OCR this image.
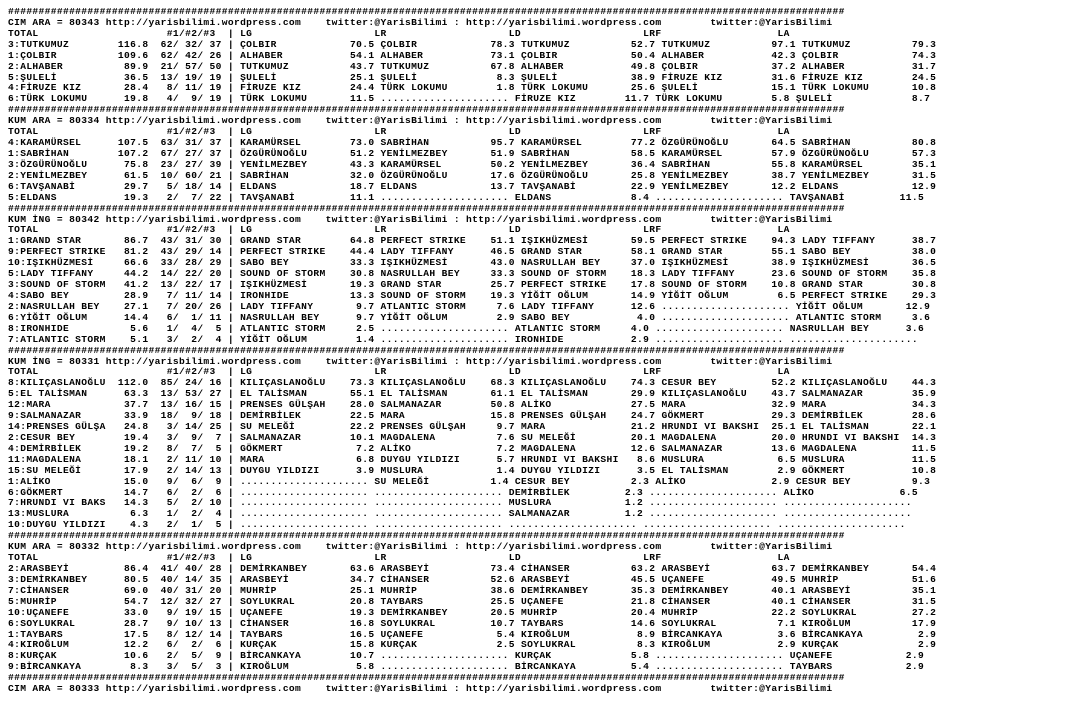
#########################################################################################################################################
CIM ARA = 80343 http://yarisbilimi.wordpress.com    twitter:@YarisBilimi : http://yarisbilimi.wordpress.com        twitter:@YarisBilimi
TOTAL                     #1/#2/#3  | LG                    LR                    LD                    LRF                   LA
3:TUTKUMUZ        116.8  62/ 32/ 37 | ÇOLBIR            70.5 ÇOLBIR            78.3 TUTKUMUZ          52.7 TUTKUMUZ          97.1 TUTKUMUZ          79.3
1:ÇOLBIR          109.6  62/ 42/ 26 | ALHABER           54.1 ALHABER           73.1 ÇOLBIR            50.4 ALHABER           42.3 ÇOLBIR            74.3
2:ALHABER          89.9  21/ 57/ 50 | TUTKUMUZ          43.7 TUTKUMUZ          67.8 ALHABER           49.8 ÇOLBIR            37.2 ALHABER           31.7
5:ŞULELİ           36.5  13/ 19/ 19 | ŞULELİ            25.1 ŞULELİ             8.3 ŞULELİ            38.9 FİRUZE KIZ        31.6 FİRUZE KIZ        24.5
4:FİRUZE KIZ       28.4   8/ 11/ 19 | FİRUZE KIZ        24.4 TÜRK LOKUMU        1.8 TÜRK LOKUMU       25.6 ŞULELİ            15.1 TÜRK LOKUMU       10.8
6:TÜRK LOKUMU      19.8   4/  9/ 19 | TÜRK LOKUMU       11.5 ..................... FİRUZE KIZ        11.7 TÜRK LOKUMU        5.8 ŞULELİ             8.7
#########################################################################################################################################
KUM ARA = 80334 http://yarisbilimi.wordpress.com    twitter:@YarisBilimi : http://yarisbilimi.wordpress.com        twitter:@YarisBilimi
TOTAL                     #1/#2/#3  | LG                    LR                    LD                    LRF                   LA
4:KARAMÜRSEL      107.5  63/ 31/ 37 | KARAMÜRSEL        73.0 SABRİHAN          95.7 KARAMÜRSEL        77.2 ÖZGÜRÜNOĞLU       64.5 SABRİHAN          80.8
1:SABRİHAN        107.2  67/ 27/ 37 | ÖZGÜRÜNOĞLU       51.2 YENİLMEZBEY       51.9 SABRİHAN          58.5 KARAMÜRSEL        57.9 ÖZGÜRÜNOĞLU       57.3
3:ÖZGÜRÜNOĞLU      75.8  23/ 27/ 39 | YENİLMEZBEY       43.3 KARAMÜRSEL        50.2 YENİLMEZBEY       36.4 SABRİHAN          55.8 KARAMÜRSEL        35.1
2:YENİLMEZBEY      61.5  10/ 60/ 21 | SABRİHAN          32.0 ÖZGÜRÜNOĞLU       17.6 ÖZGÜRÜNOĞLU       25.8 YENİLMEZBEY       38.7 YENİLMEZBEY       31.5
6:TAVŞANABİ        29.7   5/ 18/ 14 | ELDANS            18.7 ELDANS            13.7 TAVŞANABİ         22.9 YENİLMEZBEY       12.2 ELDANS            12.9
5:ELDANS           19.3   2/  7/ 22 | TAVŞANABİ         11.1 ..................... ELDANS             8.4 ..................... TAVŞANABİ         11.5
#########################################################################################################################################
KUM İNG = 80342 http://yarisbilimi.wordpress.com    twitter:@YarisBilimi : http://yarisbilimi.wordpress.com        twitter:@YarisBilimi
TOTAL                     #1/#2/#3  | LG                    LR                    LD                    LRF                   LA
1:GRAND STAR       86.7  43/ 31/ 30 | GRAND STAR        64.8 PERFECT STRIKE    51.1 IŞIKHÜZMESİ       59.5 PERFECT STRIKE    94.3 LADY TIFFANY      38.7
9:PERFECT STRIKE   81.2  43/ 29/ 14 | PERFECT STRIKE    44.4 LADY TIFFANY      46.5 GRAND STAR        58.1 GRAND STAR        55.1 SABO BEY          38.0
10:IŞIKHÜZMESİ     66.6  33/ 28/ 29 | SABO BEY          33.3 IŞIKHÜZMESİ       43.0 NASRULLAH BEY     37.0 IŞIKHÜZMESİ       38.9 IŞIKHÜZMESİ       36.5
5:LADY TIFFANY     44.2  14/ 22/ 20 | SOUND OF STORM    30.8 NASRULLAH BEY     33.3 SOUND OF STORM    18.3 LADY TIFFANY      23.6 SOUND OF STORM    35.8
3:SOUND OF STORM   41.2  13/ 22/ 17 | IŞIKHÜZMESİ       19.3 GRAND STAR        25.7 PERFECT STRIKE    17.8 SOUND OF STORM    10.8 GRAND STAR        30.8
4:SABO BEY         28.9   7/ 11/ 14 | IRONHIDE          13.3 SOUND OF STORM    19.3 YİĞİT OĞLUM       14.9 YİĞİT OĞLUM        6.5 PERFECT STRIKE    29.3
2:NASRULLAH BEY    27.1   7/ 20/ 26 | LADY TIFFANY       9.7 ATLANTIC STORM     7.6 LADY TIFFANY      12.6 ..................... YİĞİT OĞLUM       12.9
6:YİĞİT OĞLUM      14.4   6/  1/ 11 | NASRULLAH BEY      9.7 YİĞİT OĞLUM        2.9 SABO BEY           4.0 ..................... ATLANTIC STORM     3.6
8:IRONHIDE          5.6   1/  4/  5 | ATLANTIC STORM     2.5 ..................... ATLANTIC STORM     4.0 ..................... NASRULLAH BEY      3.6
7:ATLANTIC STORM    5.1   3/  2/  4 | YİĞİT OĞLUM        1.4 ..................... IRONHIDE           2.9 ..................... .....................
#########################################################################################################################################
KUM İNG = 80331 http://yarisbilimi.wordpress.com    twitter:@YarisBilimi : http://yarisbilimi.wordpress.com        twitter:@YarisBilimi
TOTAL                     #1/#2/#3  | LG                    LR                    LD                    LRF                   LA
8:KILIÇASLANOĞLU  112.0  85/ 24/ 16 | KILIÇASLANOĞLU    73.3 KILIÇASLANOĞLU    68.3 KILIÇASLANOĞLU    74.3 CESUR BEY         52.2 KILIÇASLANOĞLU    44.3
5:EL TALİSMAN      63.3  13/ 53/ 27 | EL TALİSMAN       55.1 EL TALİSMAN       61.1 EL TALİSMAN       29.9 KILIÇASLANOĞLU    43.7 SALMANAZAR        35.9
12:MARA            37.7  13/ 16/ 15 | PRENSES GÜLŞAH    28.0 SALMANAZAR        50.8 ALİKO             27.5 MARA              32.9 MARA              34.3
9:SALMANAZAR       33.9  18/  9/ 18 | DEMİRBİLEK        22.5 MARA              15.8 PRENSES GÜLŞAH    24.7 GÖKMERT           29.3 DEMİRBİLEK        28.6
14:PRENSES GÜLŞA   24.8   3/ 14/ 25 | SU MELEĞİ         22.2 PRENSES GÜLŞAH     9.7 MARA              21.2 HRUNDI VI BAKSHI  25.1 EL TALİSMAN       22.1
2:CESUR BEY        19.4   3/  9/  7 | SALMANAZAR        10.1 MAGDALENA          7.6 SU MELEĞİ         20.1 MAGDALENA         20.0 HRUNDI VI BAKSHI  14.3
4:DEMİRBİLEK       19.2   8/  7/  5 | GÖKMERT            7.2 ALİKO              7.2 MAGDALENA         12.6 SALMANAZAR        13.6 MAGDALENA         11.5
11:MAGDALENA       18.1   2/ 11/ 10 | MARA               6.8 DUYGU YILDIZI      5.7 HRUNDI VI BAKSHI   8.6 MUSLURA            6.5 MUSLURA           11.5
15:SU MELEĞİ       17.9   2/ 14/ 13 | DUYGU YILDIZI      3.9 MUSLURA            1.4 DUYGU YILDIZI      3.5 EL TALİSMAN        2.9 GÖKMERT           10.8
1:ALİKO            15.0   9/  6/  9 | ..................... SU MELEĞİ          1.4 CESUR BEY          2.3 ALİKO              2.9 CESUR BEY          9.3
6:GÖKMERT          14.7   6/  2/  6 | ..................... ..................... DEMİRBİLEK         2.3 ..................... ALİKO              6.5
7:HRUNDI VI BAKS   14.3   5/  2/ 10 | ..................... ..................... MUSLURA            1.2 ..................... .....................
13:MUSLURA          6.3   1/  2/  4 | ..................... ..................... SALMANAZAR         1.2 ..................... .....................
10:DUYGU YILDIZI    4.3   2/  1/  5 | ..................... ..................... ..................... ..................... .....................
#########################################################################################################################################
KUM ARA = 80332 http://yarisbilimi.wordpress.com    twitter:@YarisBilimi : http://yarisbilimi.wordpress.com        twitter:@YarisBilimi
TOTAL                     #1/#2/#3  | LG                    LR                    LD                    LRF                   LA
2:ARASBEYİ         86.4  41/ 40/ 28 | DEMİRKANBEY       63.6 ARASBEYİ          73.4 CİHANSER          63.2 ARASBEYİ          63.7 DEMİRKANBEY       54.4
3:DEMİRKANBEY      80.5  40/ 14/ 35 | ARASBEYİ          34.7 CİHANSER          52.6 ARASBEYİ          45.5 UÇANEFE           49.5 MUHRİP            51.6
7:CİHANSER         69.0  40/ 31/ 20 | MUHRİP            25.1 MUHRİP            38.6 DEMİRKANBEY       35.3 DEMİRKANBEY       40.1 ARASBEYİ          35.1
5:MUHRİP           54.7  12/ 32/ 27 | SOYLUKRAL         20.8 TAYBARS           25.5 UÇANEFE           21.8 CİHANSER          40.1 CİHANSER          31.5
10:UÇANEFE         33.0   9/ 19/ 15 | UÇANEFE           19.3 DEMİRKANBEY       20.5 MUHRİP            20.4 MUHRİP            22.2 SOYLUKRAL         27.2
6:SOYLUKRAL        28.7   9/ 10/ 13 | CİHANSER          16.8 SOYLUKRAL         10.7 TAYBARS           14.6 SOYLUKRAL          7.1 KIROĞLUM          17.9
1:TAYBARS          17.5   8/ 12/ 14 | TAYBARS           16.5 UÇANEFE            5.4 KIROĞLUM           8.9 BİRCANKAYA         3.6 BİRCANKAYA         2.9
4:KIROĞLUM         12.2   6/  2/  6 | KURÇAK            15.8 KURÇAK             2.5 SOYLUKRAL          8.3 KIROĞLUM           2.9 KURÇAK             2.9
8:KURÇAK           10.6   2/  5/  9 | BİRCANKAYA        10.7 ..................... KURÇAK             5.8 ..................... UÇANEFE            2.9
9:BİRCANKAYA        8.3   3/  5/  3 | KIROĞLUM           5.8 ..................... BİRCANKAYA         5.4 ..................... TAYBARS            2.9
#########################################################################################################################################
CIM ARA = 80333 http://yarisbilimi.wordpress.com    twitter:@YarisBilimi : http://yarisbilimi.wordpress.com        twitter:@YarisBilimi
